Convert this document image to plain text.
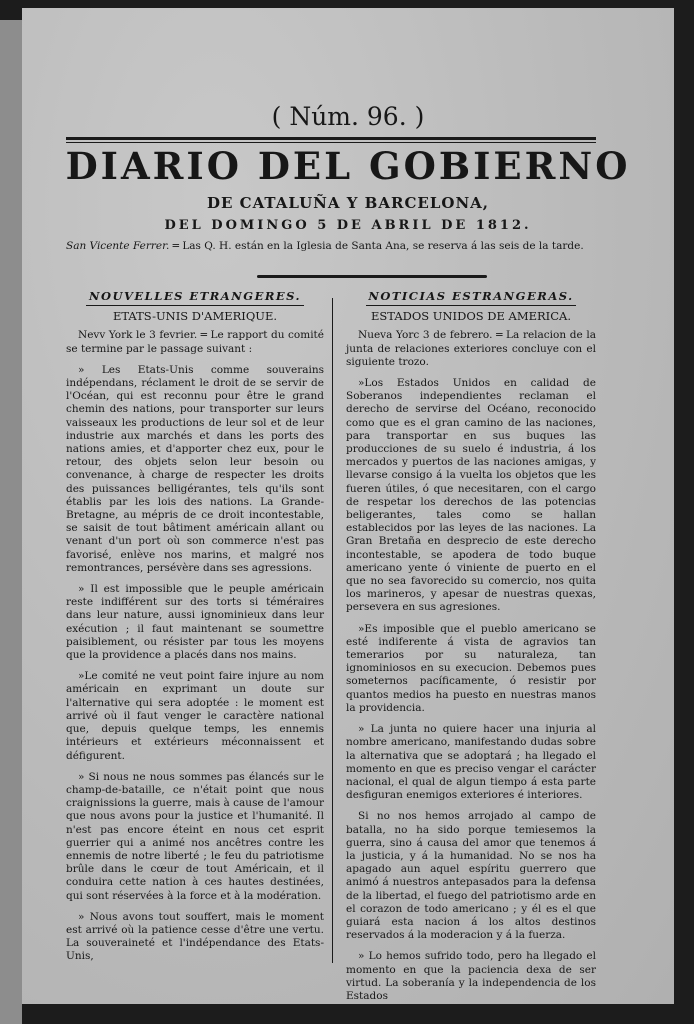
( Núm. 96. )
DIARIO DEL GOBIERNO
DE CATALUÑA Y BARCELONA,
DEL DOMINGO 5 DE ABRIL DE 1812.
San Vicente Ferrer. ═ Las Q. H. están en la Iglesia de Santa Ana, se reserva á las seis de la tarde.
NOUVELLES ETRANGERES.
ETATS-UNIS D'AMERIQUE.

Nevv York le 3 fevrier. ═ Le rapport du comité se termine par le passage suivant :

» Les Etats-Unis comme souverains indépendans, réclament le droit de se servir de l'Océan, qui est reconnu pour être le grand chemin des nations, pour transporter sur leurs vaisseaux les productions de leur sol et de leur industrie aux marchés et dans les ports des nations amies, et d'apporter chez eux, pour le retour, des objets selon leur besoin ou convenance, à charge de respecter les droits des puissances belligérantes, tels qu'ils sont établis par les lois des nations. La Grande-Bretagne, au mépris de ce droit incontestable, se saisit de tout bâtiment américain allant ou venant d'un port où son commerce n'est pas favorisé, enlève nos marins, et malgré nos remontrances, persévère dans ses agressions.

» Il est impossible que le peuple américain reste indifférent sur des torts si téméraires dans leur nature, aussi ignominieux dans leur exécution ; il faut maintenant se soumettre paisiblement, ou résister par tous les moyens que la providence a placés dans nos mains.

»Le comité ne veut point faire injure au nom américain en exprimant un doute sur l'alternative qui sera adoptée : le moment est arrivé où il faut venger le caractère national que, depuis quelque temps, les ennemis intérieurs et extérieurs méconnaissent et défigurent.

» Si nous ne nous sommes pas élancés sur le champ-de-bataille, ce n'était point que nous craignissions la guerre, mais à cause de l'amour que nous avons pour la justice et l'humanité. Il n'est pas encore éteint en nous cet esprit guerrier qui a animé nos ancêtres contre les ennemis de notre liberté ; le feu du patriotisme brûle dans le cœur de tout Américain, et il conduira cette nation à ces hautes destinées, qui sont réservées à la force et à la modération.

» Nous avons tout souffert, mais le moment est arrivé où la patience cesse d'être une vertu. La souveraineté et l'indépendance des Etats-Unis,

NOTICIAS ESTRANGERAS.
ESTADOS UNIDOS DE AMERICA.

Nueva Yorc 3 de febrero. ═ La relacion de la junta de relaciones exteriores concluye con el siguiente trozo.

»Los Estados Unidos en calidad de Soberanos independientes reclaman el derecho de servirse del Océano, reconocido como que es el gran camino de las naciones, para transportar en sus buques las producciones de su suelo é industria, á los mercados y puertos de las naciones amigas, y llevarse consigo á la vuelta los objetos que les fueren útiles, ó que necesitaren, con el cargo de respetar los derechos de las potencias beligerantes, tales como se hallan establecidos por las leyes de las naciones. La Gran Bretaña en desprecio de este derecho incontestable, se apodera de todo buque americano yente ó viniente de puerto en el que no sea favorecido su comercio, nos quita los marineros, y apesar de nuestras quexas, persevera en sus agresiones.

»Es imposible que el pueblo americano se esté indiferente á vista de agravios tan temerarios por su naturaleza, tan ignominiosos en su execucion. Debemos pues someternos pacíficamente, ó resistir por quantos medios ha puesto en nuestras manos la providencia.

» La junta no quiere hacer una injuria al nombre americano, manifestando dudas sobre la alternativa que se adoptará ; ha llegado el momento en que es preciso vengar el carácter nacional, el qual de algun tiempo á esta parte desfiguran enemigos exteriores é interiores.

Si no nos hemos arrojado al campo de batalla, no ha sido porque temiesemos la guerra, sino á causa del amor que tenemos á la justicia, y á la humanidad. No se nos ha apagado aun aquel espíritu guerrero que animó á nuestros antepasados para la defensa de la libertad, el fuego del patriotismo arde en el corazon de todo americano ; y él es el que guiará esta nacion á los altos destinos reservados á la moderacion y á la fuerza.

» Lo hemos sufrido todo, pero ha llegado el momento en que la paciencia dexa de ser virtud. La soberanía y la independencia de los Estados
